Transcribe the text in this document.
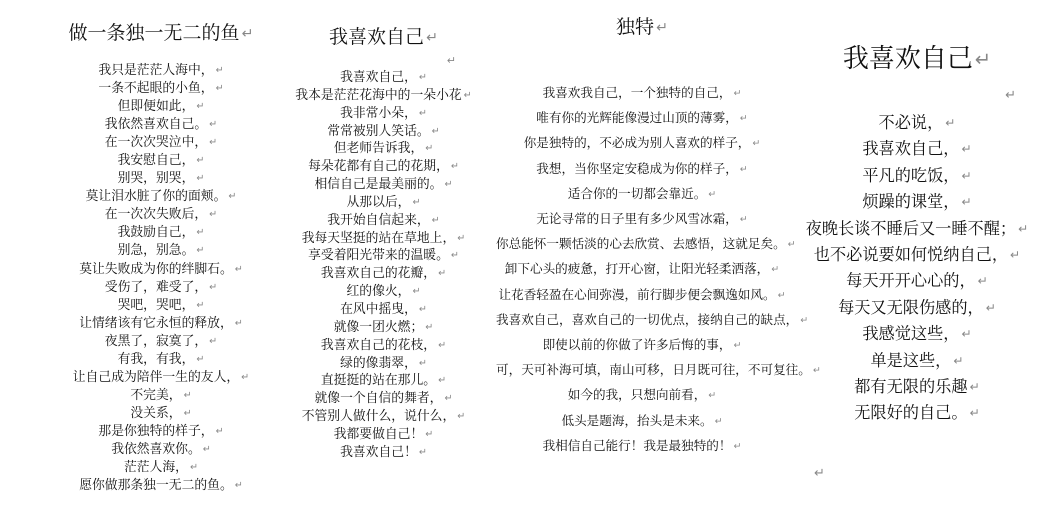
做一条独一无二的鱼 ↵
我只是茫茫人海中， ↵
一条不起眼的小鱼， ↵
但即便如此， ↵
我依然喜欢自己。 ↵
在一次次哭泣中， ↵
我安慰自己， ↵
别哭，别哭， ↵
莫让泪水脏了你的面颊。 ↵
在一次次失败后， ↵
我鼓励自己， ↵
别急，别急。 ↵
莫让失败成为你的绊脚石。 ↵
受伤了，难受了， ↵
哭吧，哭吧， ↵
让情绪该有它永恒的释放， ↵
夜黑了，寂寞了， ↵
有我，有我， ↵
让自己成为陪伴一生的友人， ↵
不完美， ↵
没关系， ↵
那是你独特的样子， ↵
我依然喜欢你。 ↵
茫茫人海， ↵
愿你做那条独一无二的鱼。 ↵
我喜欢自己 ↵
↵
我喜欢自己， ↵
我本是茫茫花海中的一朵小花 ↵
我非常小朵， ↵
常常被别人笑话。 ↵
但老师告诉我， ↵
每朵花都有自己的花期， ↵
相信自己是最美丽的。 ↵
从那以后， ↵
我开始自信起来， ↵
我每天坚挺的站在草地上， ↵
享受着阳光带来的温暖。 ↵
我喜欢自己的花瓣， ↵
红的像火， ↵
在风中摇曳， ↵
就像一团火燃； ↵
我喜欢自己的花枝， ↵
绿的像翡翠， ↵
直挺挺的站在那儿。 ↵
就像一个自信的舞者， ↵
不管别人做什么，说什么， ↵
我都要做自己！ ↵
我喜欢自己！ ↵
独特 ↵
我喜欢我自己，一个独特的自己， ↵
唯有你的光辉能像漫过山顶的薄雾， ↵
你是独特的，不必成为别人喜欢的样子， ↵
我想，当你坚定安稳成为你的样子， ↵
适合你的一切都会靠近。 ↵
无论寻常的日子里有多少风雪冰霜， ↵
你总能怀一颗恬淡的心去欣赏、去感悟，这就足矣。 ↵
卸下心头的疲惫，打开心窗，让阳光轻柔洒落， ↵
让花香轻盈在心间弥漫，前行脚步便会飘逸如风。 ↵
我喜欢自己，喜欢自己的一切优点，接纳自己的缺点， ↵
即使以前的你做了许多后悔的事， ↵
可，天可补海可填，南山可移，日月既可往，不可复往。 ↵
如今的我，只想向前看， ↵
低头是题海，抬头是未来。 ↵
我相信自己能行！我是最独特的！ ↵
我喜欢自己 ↵
↵
不必说， ↵
我喜欢自己， ↵
平凡的吃饭， ↵
烦躁的课堂， ↵
夜晚长谈不睡后又一睡不醒； ↵
也不必说要如何悦纳自己， ↵
每天开开心心的， ↵
每天又无限伤感的， ↵
我感觉这些， ↵
单是这些， ↵
都有无限的乐趣 ↵
无限好的自己。 ↵
↵
